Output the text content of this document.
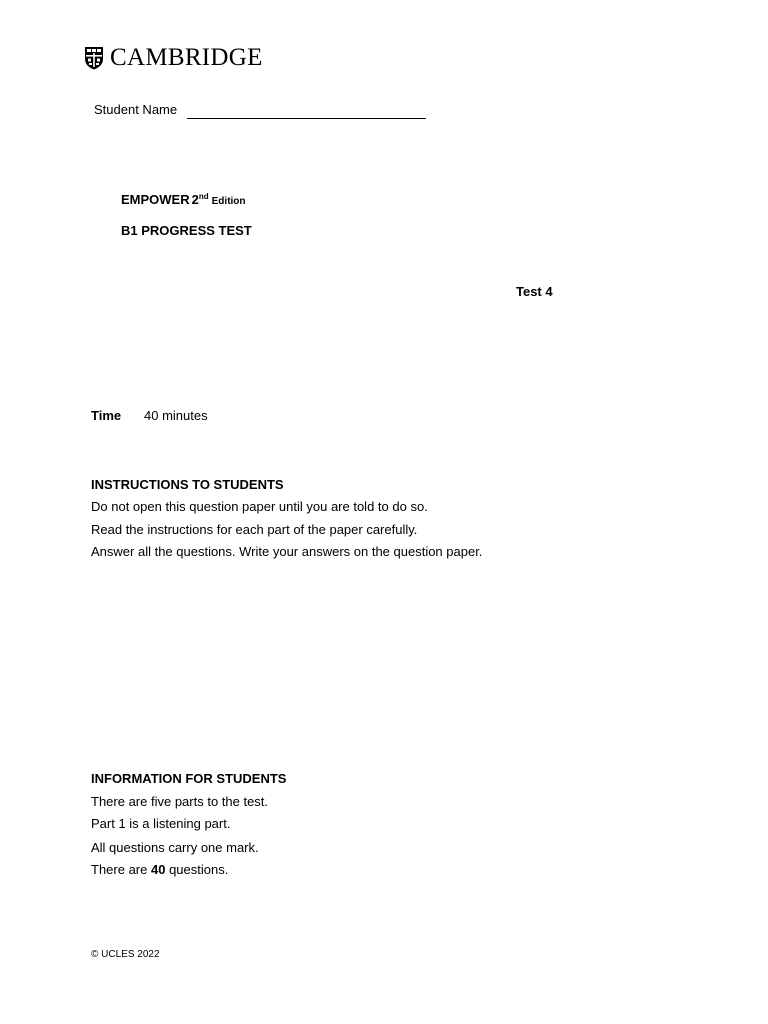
CAMBRIDGE
Student Name
EMPOWER 2nd Edition
B1 PROGRESS TEST
Test 4
Time 40 minutes
INSTRUCTIONS TO STUDENTS
Do not open this question paper until you are told to do so.
Read the instructions for each part of the paper carefully.
Answer all the questions. Write your answers on the question paper.
INFORMATION FOR STUDENTS
There are five parts to the test.
Part 1 is a listening part.
All questions carry one mark.
There are 40 questions.
© UCLES 2022
